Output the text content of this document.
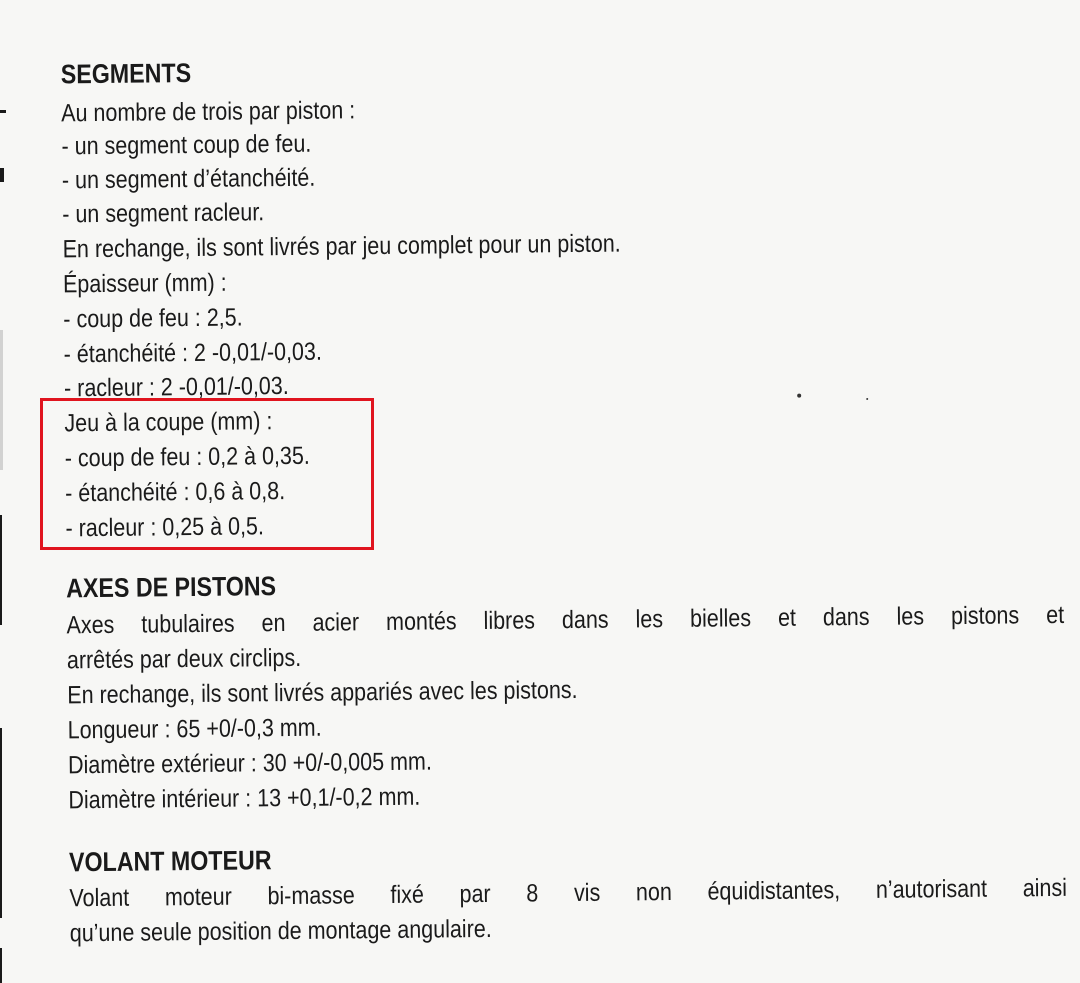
SEGMENTS
Au nombre de trois par piston :
- un segment coup de feu.
- un segment d’étanchéité.
- un segment racleur.
En rechange, ils sont livrés par jeu complet pour un piston.
Épaisseur (mm) :
- coup de feu : 2,5.
- étanchéité : 2 -0,01/-0,03.
- racleur : 2 -0,01/-0,03.
Jeu à la coupe (mm) :
- coup de feu : 0,2 à 0,35.
- étanchéité : 0,6 à 0,8.
- racleur : 0,25 à 0,5.
AXES DE PISTONS
Axes tubulaires en acier montés libres dans les bielles et dans les pistons et
arrêtés par deux circlips.
En rechange, ils sont livrés appariés avec les pistons.
Longueur : 65 +0/-0,3 mm.
Diamètre extérieur : 30 +0/-0,005 mm.
Diamètre intérieur : 13 +0,1/-0,2 mm.
VOLANT MOTEUR
Volant moteur bi-masse fixé par 8 vis non équidistantes, n’autorisant ainsi
qu’une seule position de montage angulaire.
